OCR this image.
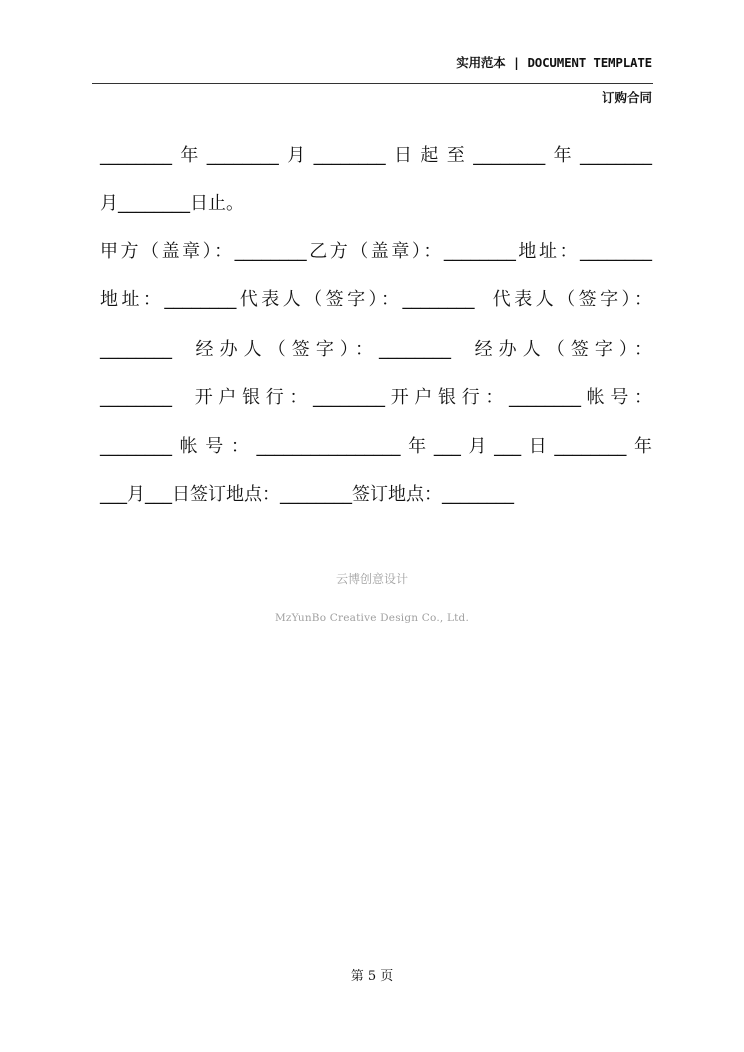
实用范本 | DOCUMENT TEMPLATE
订购合同
________年________月________日起至________年________
月________日止。
甲方（盖章）：________乙方（盖章）：________地址：________
地址：________代表人（签字）：________  代表人（签字）：
________  经办人（签字）：________  经办人（签字）：
________  开户银行：________开户银行：________帐号：
________帐号：________________年___月___日________年
___月___日签订地点：________签订地点：________
云博创意设计
MzYunBo Creative Design Co., Ltd.
第 5 页
